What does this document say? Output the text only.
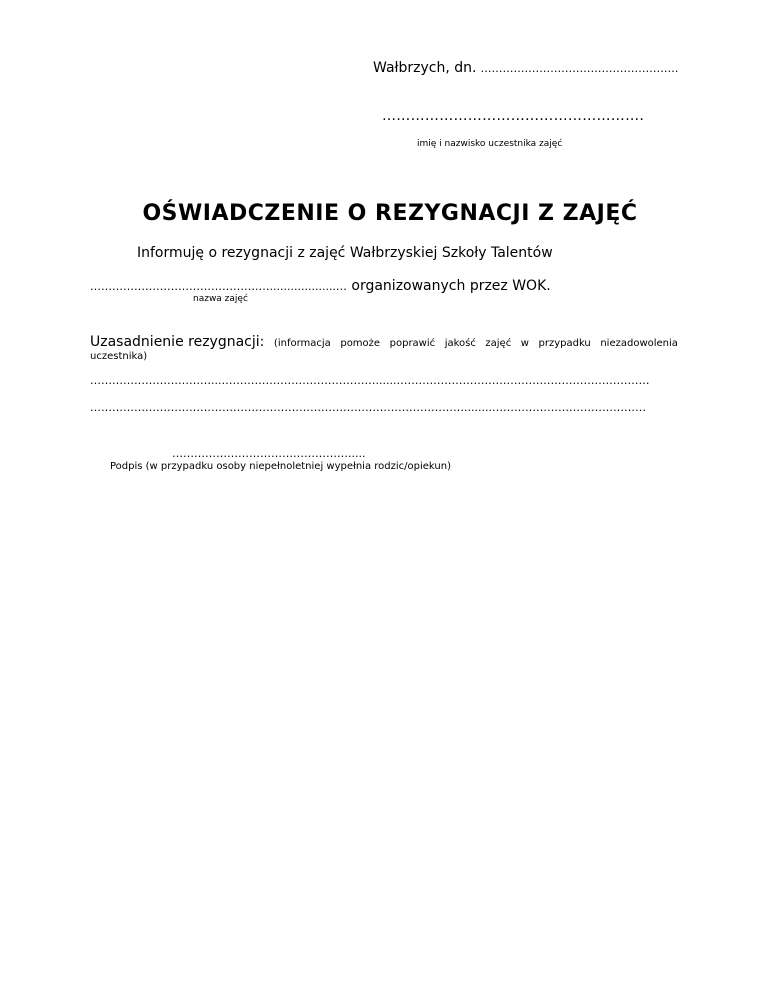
Wałbrzych, dn. ………………………………………………
……………………………………………….
imię i nazwisko uczestnika zajęć
OŚWIADCZENIE O REZYGNACJI Z ZAJĘĆ
Informuję o rezygnacji z zajęć Wałbrzyskiej Szkoły Talentów
……………………………………….…...................… organizowanych przez WOK.
nazwa zajęć
Uzasadnienie rezygnacji: (informacja pomoże poprawić jakość zajęć w przypadku niezadowolenia
uczestnika)
……………………………...……………………………………......……………………………………………………………
…………………………………………………………………………………………........……………………………………
………………………………………….....
Podpis (w przypadku osoby niepełnoletniej wypełnia rodzic/opiekun)
